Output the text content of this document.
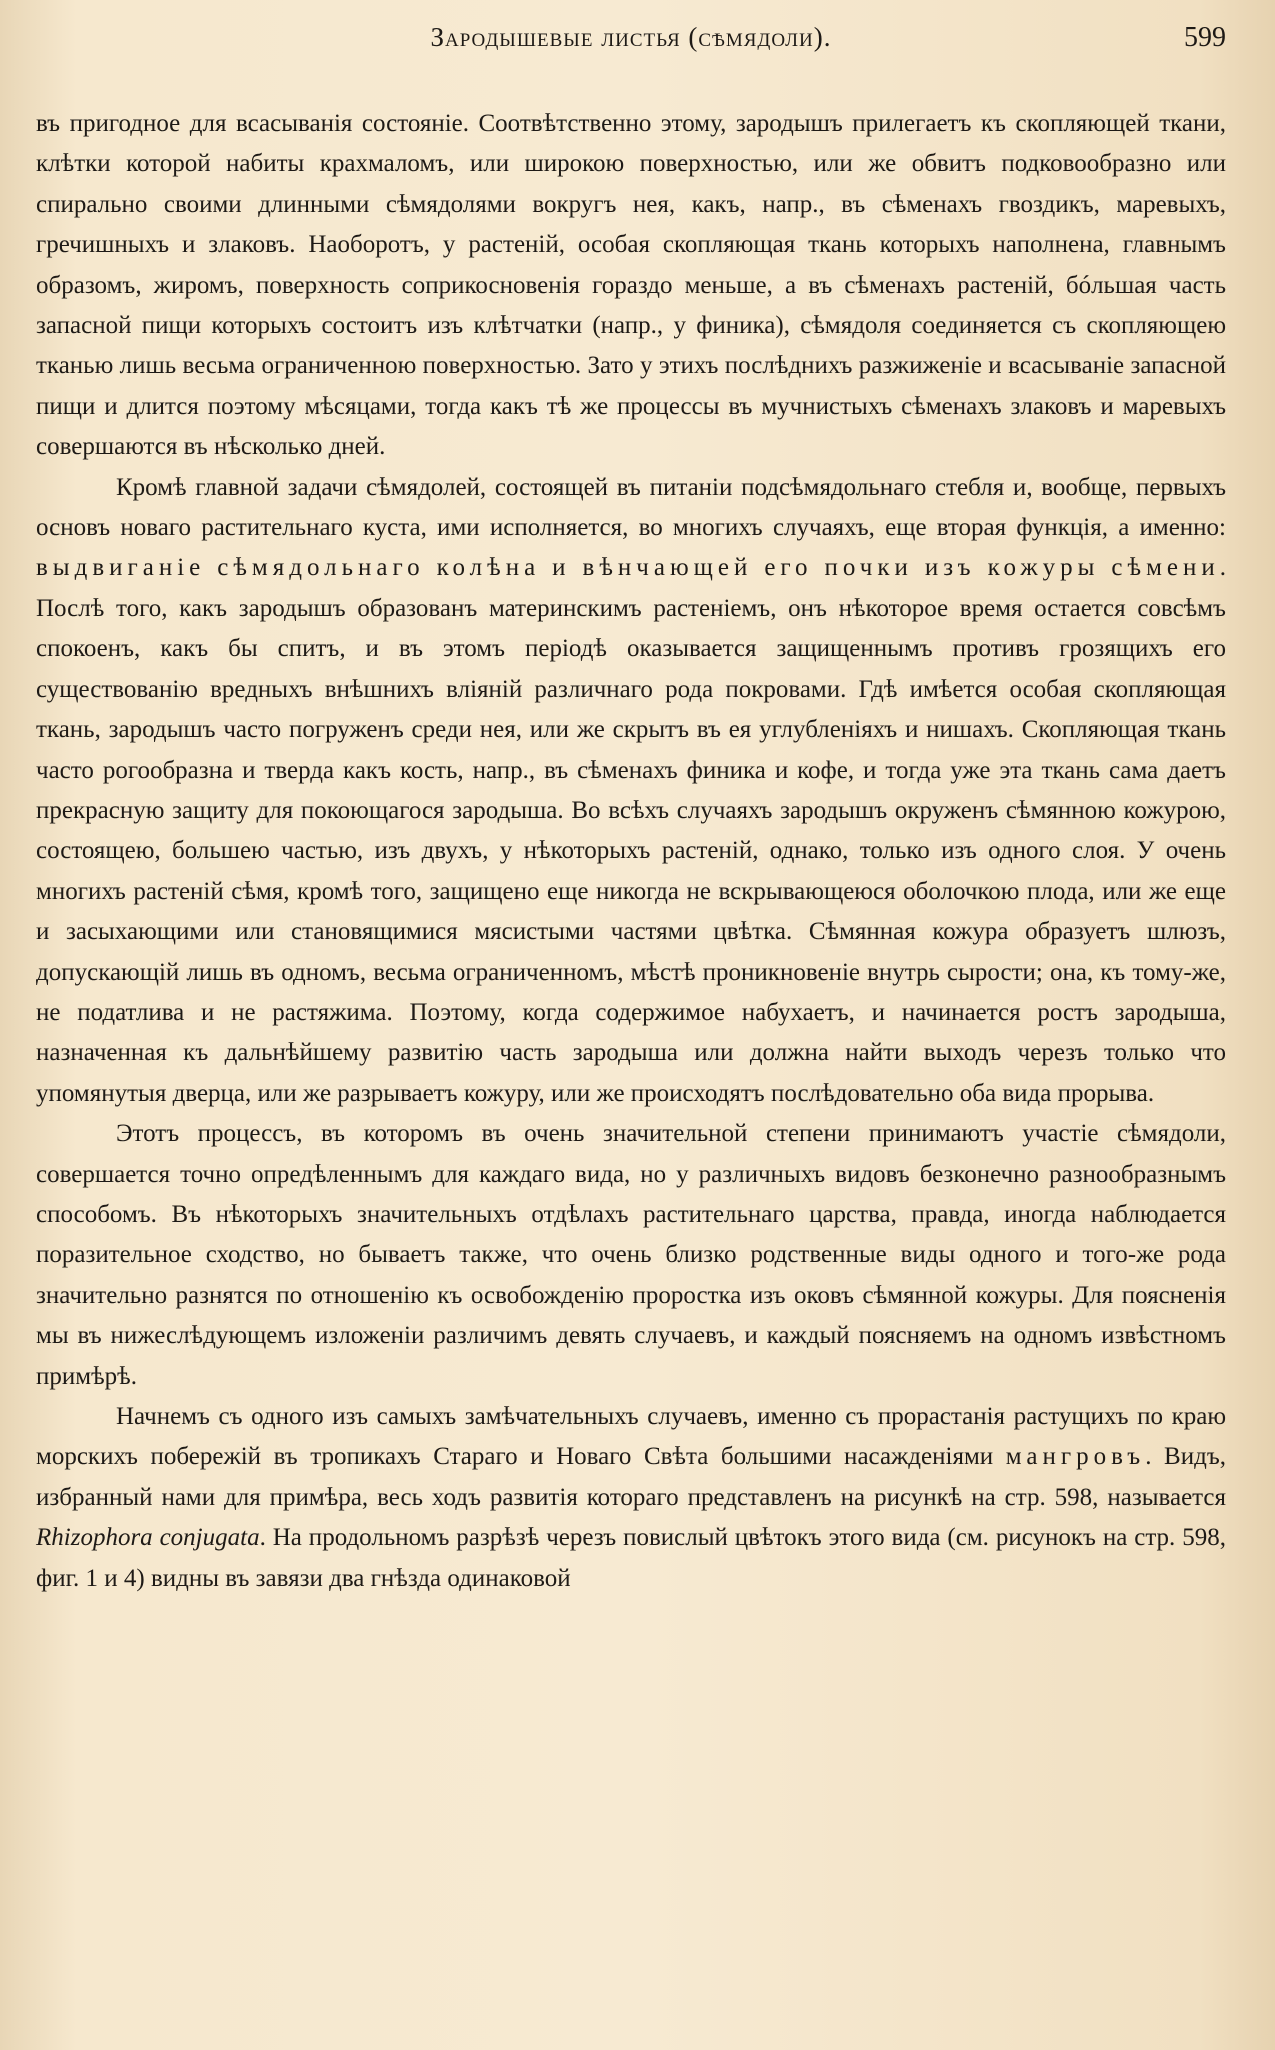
Зародышевые листья (сѣмядоли).	599

въ пригодное для всасыванія состояніе. Соотвѣтственно этому, зародышъ прилегаетъ къ скопляющей ткани, клѣтки которой набиты крахмаломъ, или широкою поверхностью, или же обвитъ подковообразно или спирально своими длинными сѣмядолями вокругъ нея, какъ, напр., въ сѣменахъ гвоздикъ, маревыхъ, гречишныхъ и злаковъ. Наоборотъ, у растеній, особая скопляющая ткань которыхъ наполнена, главнымъ образомъ, жиромъ, поверхность соприкосновенія гораздо меньше, а въ сѣменахъ растеній, бóльшая часть запасной пищи которыхъ состоитъ изъ клѣтчатки (напр., у финика), сѣмядоля соединяется съ скопляющею тканью лишь весьма ограниченною поверхностью. Зато у этихъ послѣднихъ разжиженіе и всасываніе запасной пищи и длится поэтому мѣсяцами, тогда какъ тѣ же процессы въ мучнистыхъ сѣменахъ злаковъ и маревыхъ совершаются въ нѣсколько дней.

Кромѣ главной задачи сѣмядолей, состоящей въ питаніи подсѣмядольнаго стебля и, вообще, первыхъ основъ новаго растительнаго куста, ими исполняется, во многихъ случаяхъ, еще вторая функція, а именно: выдвиганіе сѣмядольнаго колѣна и вѣнчающей его почки изъ кожуры сѣмени. Послѣ того, какъ зародышъ образованъ материнскимъ растеніемъ, онъ нѣкоторое время остается совсѣмъ спокоенъ, какъ бы спитъ, и въ этомъ періодѣ оказывается защищеннымъ противъ грозящихъ его существованію вредныхъ внѣшнихъ вліяній различнаго рода покровами. Гдѣ имѣется особая скопляющая ткань, зародышъ часто погруженъ среди нея, или же скрытъ въ ея углубленіяхъ и нишахъ. Скопляющая ткань часто рогообразна и тверда какъ кость, напр., въ сѣменахъ финика и кофе, и тогда уже эта ткань сама даетъ прекрасную защиту для покоющагося зародыша. Во всѣхъ случаяхъ зародышъ окруженъ сѣмянною кожурою, состоящею, большею частью, изъ двухъ, у нѣкоторыхъ растеній, однако, только изъ одного слоя. У очень многихъ растеній сѣмя, кромѣ того, защищено еще никогда не вскрывающеюся оболочкою плода, или же еще и засыхающими или становящимися мясистыми частями цвѣтка. Сѣмянная кожура образуетъ шлюзъ, допускающій лишь въ одномъ, весьма ограниченномъ, мѣстѣ проникновеніе внутрь сырости; она, къ тому-же, не податлива и не растяжима. Поэтому, когда содержимое набухаетъ, и начинается ростъ зародыша, назначенная къ дальнѣйшему развитію часть зародыша или должна найти выходъ черезъ только что упомянутыя дверца, или же разрываетъ кожуру, или же происходятъ послѣдовательно оба вида прорыва.

Этотъ процессъ, въ которомъ въ очень значительной степени принимаютъ участіе сѣмядоли, совершается точно опредѣленнымъ для каждаго вида, но у различныхъ видовъ безконечно разнообразнымъ способомъ. Въ нѣкоторыхъ значительныхъ отдѣлахъ растительнаго царства, правда, иногда наблюдается поразительное сходство, но бываетъ также, что очень близко родственные виды одного и того-же рода значительно разнятся по отношенію къ освобожденію проростка изъ оковъ сѣмянной кожуры. Для поясненія мы въ нижеслѣдующемъ изложеніи различимъ девять случаевъ, и каждый поясняемъ на одномъ извѣстномъ примѣрѣ.

Начнемъ съ одного изъ самыхъ замѣчательныхъ случаевъ, именно съ прорастанія растущихъ по краю морскихъ побережій въ тропикахъ Стараго и Новаго Свѣта большими насажденіями мангровъ. Видъ, избранный нами для примѣра, весь ходъ развитія котораго представленъ на рисункѣ на стр. 598, называется Rhizophora conjugata. На продольномъ разрѣзѣ черезъ повислый цвѣтокъ этого вида (см. рисунокъ на стр. 598, фиг. 1 и 4) видны въ завязи два гнѣзда одинаковой
